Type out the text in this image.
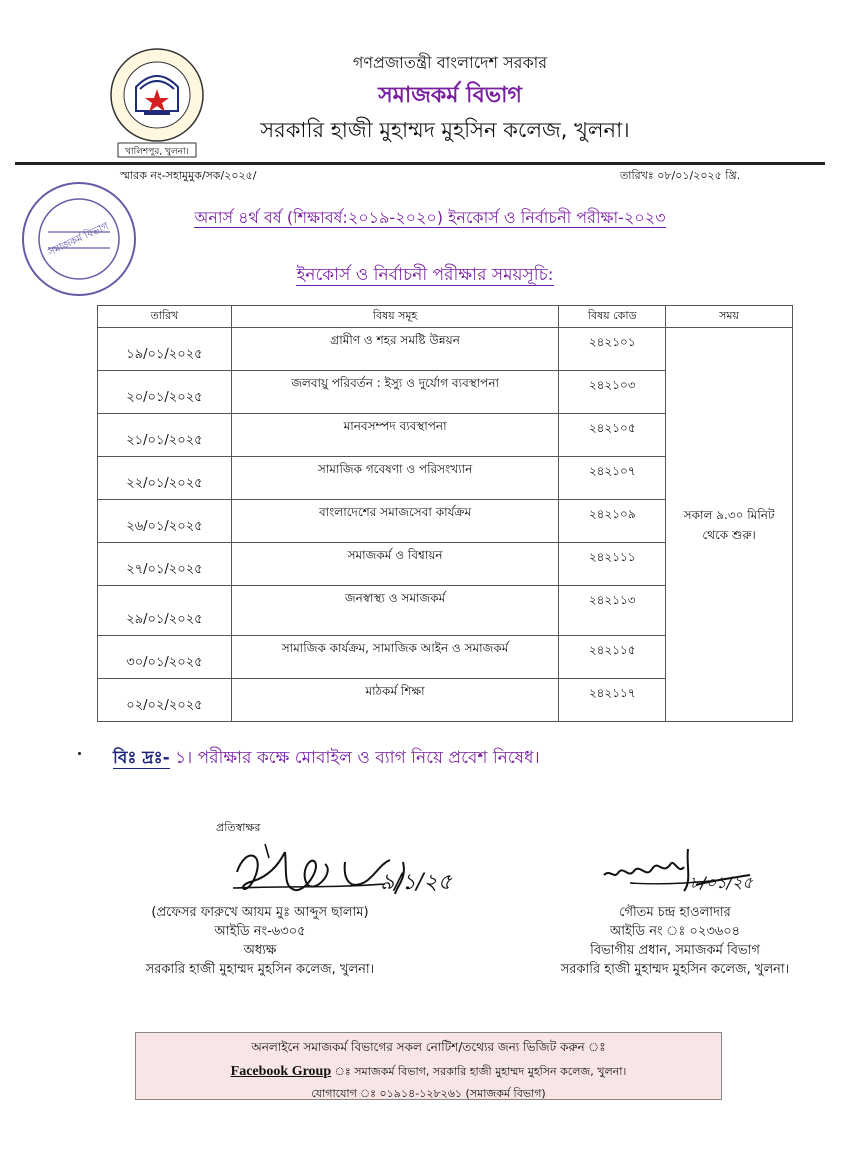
খালিশপুর, খুলনা।
গণপ্রজাতন্ত্রী বাংলাদেশ সরকার
সমাজকর্ম বিভাগ
সরকারি হাজী মুহাম্মদ মুহসিন কলেজ, খুলনা।
স্মারক নং-সহামুমুক/সক/২০২৫/	তারিখঃ ০৮/০১/২০২৫ খ্রি.
সমাজকর্ম বিভাগ
অনার্স ৪র্থ বর্ষ (শিক্ষাবর্ষ:২০১৯-২০২০) ইনকোর্স ও নির্বাচনী পরীক্ষা-২০২৩
ইনকোর্স ও নির্বাচনী পরীক্ষার সময়সূচি:
তারিখ	বিষয় সমূহ	বিষয় কোড	সময়
১৯/০১/২০২৫	গ্রামীণ ও শহর সমষ্টি উন্নয়ন	২৪২১০১	সকাল ৯.৩০ মিনিট
থেকে শুরু।

২০/০১/২০২৫	জলবায়ু পরিবর্তন : ইস্যু ও দুর্যোগ ব্যবস্থাপনা	২৪২১০৩	
২১/০১/২০২৫	মানবসম্পদ ব্যবস্থাপনা	২৪২১০৫	
২২/০১/২০২৫	সামাজিক গবেষণা ও পরিসংখ্যান	২৪২১০৭	
২৬/০১/২০২৫	বাংলাদেশের সমাজসেবা কার্যক্রম	২৪২১০৯	
২৭/০১/২০২৫	সমাজকর্ম ও বিশ্বায়ন	২৪২১১১	
২৯/০১/২০২৫	জনস্বাস্থ্য ও সমাজকর্ম	২৪২১১৩	
৩০/০১/২০২৫	সামাজিক কার্যক্রম, সামাজিক আইন ও সমাজকর্ম	২৪২১১৫	
০২/০২/২০২৫	মাঠকর্ম শিক্ষা	২৪২১১৭	
বিঃ দ্রঃ- ১। পরীক্ষার কক্ষে মোবাইল ও ব্যাগ নিয়ে প্রবেশ নিষেধ।
প্রতিস্বাক্ষর
৯/১/২৫	৮/০১/২৫
(প্রফেসর ফারুখে আযম মুঃ আব্দুস ছালাম)
আইডি নং-৬৩০৫
অধ্যক্ষ
সরকারি হাজী মুহাম্মদ মুহসিন কলেজ, খুলনা।
গৌতম চন্দ্র হাওলাদার
আইডি নং ঃ ০২৩৬০৪
বিভাগীয় প্রধান, সমাজকর্ম বিভাগ
সরকারি হাজী মুহাম্মদ মুহসিন কলেজ, খুলনা।
অনলাইনে সমাজকর্ম বিভাগের সকল নোটিশ/তথ্যের জন্য ভিজিট করুন ঃ
Facebook Group ঃ সমাজকর্ম বিভাগ, সরকারি হাজী মুহাম্মদ মুহসিন কলেজ, খুলনা।
যোগাযোগ ঃ ০১৯১৪-১২৮২৬১ (সমাজকর্ম বিভাগ)
